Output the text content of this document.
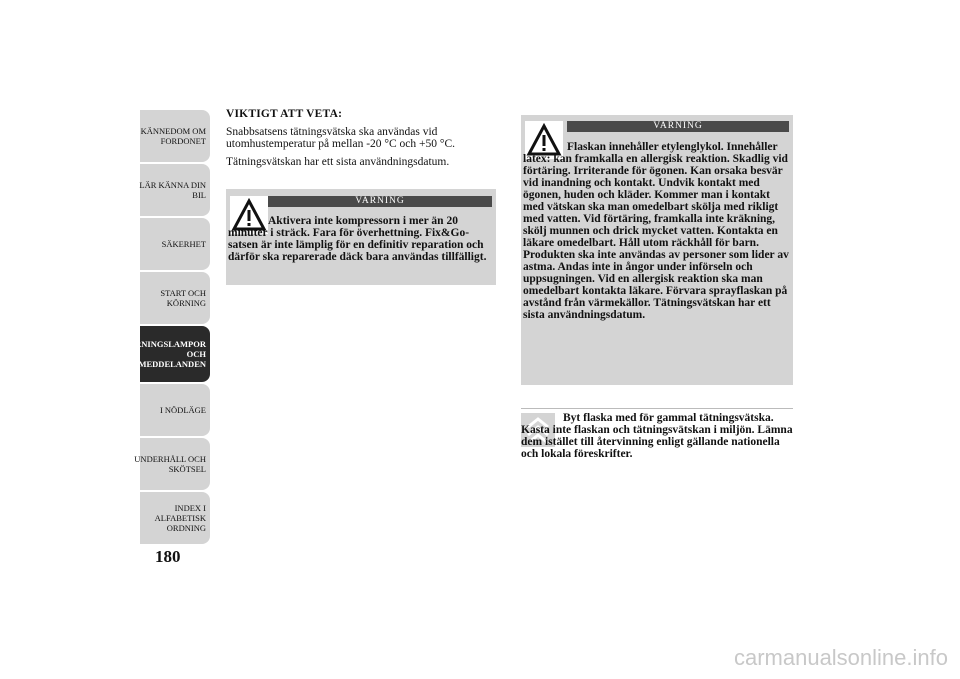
KÄNNEDOM OM
FORDONET
LÄR KÄNNA DIN
BIL
SÄKERHET
START OCH
KÖRNING
VARNINGSLAMPOR
OCH
MEDDELANDEN
I NÖDLÄGE
UNDERHÅLL OCH
SKÖTSEL
INDEX I
ALFABETISK
ORDNING
180

VIKTIGT ATT VETA:

Snabbsatsens tätningsvätska ska användas vid utomhustemperatur på mellan -20 °C och +50 °C.

Tätningsvätskan har ett sista användningsdatum.

VARNING

Aktivera inte kompressorn i mer än 20 minuter i sträck. Fara för överhettning. Fix&Go-satsen är inte lämplig för en definitiv reparation och därför ska reparerade däck bara användas tillfälligt.

VARNING

Flaskan innehåller etylenglykol. Innehåller latex: kan framkalla en allergisk reaktion. Skadlig vid förtäring. Irriterande för ögonen. Kan orsaka besvär vid inandning och kontakt. Undvik kontakt med ögonen, huden och kläder. Kommer man i kontakt med vätskan ska man omedelbart skölja med rikligt med vatten. Vid förtäring, framkalla inte kräkning, skölj munnen och drick mycket vatten. Kontakta en läkare omedelbart. Håll utom räckhåll för barn. Produkten ska inte användas av personer som lider av astma. Andas inte in ångor under införseln och uppsugningen. Vid en allergisk reaktion ska man omedelbart kontakta läkare. Förvara sprayflaskan på avstånd från värmekällor. Tätningsvätskan har ett sista användningsdatum.

Byt flaska med för gammal tätningsvätska. Kasta inte flaskan och tätningsvätskan i miljön. Lämna dem istället till återvinning enligt gällande nationella och lokala föreskrifter.

carmanualsonline.info
